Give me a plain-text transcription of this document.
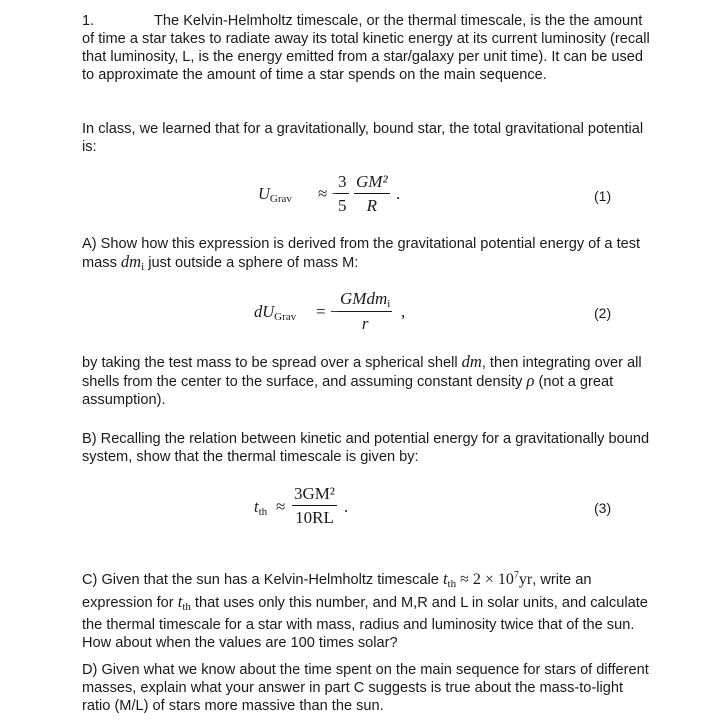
1.	The Kelvin-Helmholtz timescale, or the thermal timescale, is the the amount of time a star takes to radiate away its total kinetic energy at its current luminosity (recall that luminosity, L, is the energy emitted from a star/galaxy per unit time). It can be used to approximate the amount of time a star spends on the main sequence.

In class, we learned that for a gravitationally, bound star, the total gravitational potential is:

$U_{Grav}$ ≈ −
$\frac{3}{5} \frac{\text{GM²}}{R}$ .	(1)

A) Show how this expression is derived from the gravitational potential energy of a test mass $dm_i$ just outside a sphere of mass M:

$dU_{Grav}$ = −
GMdm$_i$
r
,	(2)

by taking the test mass to be spread over a spherical shell dm, then integrating over all shells from the center to the surface, and assuming constant density ρ (not a great assumption).

B) Recalling the relation between kinetic and potential energy for a gravitationally bound system, show that the thermal timescale is given by:

$t_{th} \approx \frac{\text{3GM²}}{10RL}$ .	(3)

C) Given that the sun has a Kelvin-Helmholtz timescale $t_{th} \approx 2 \times 10^7yr$, write an expression for $t_{th}$ that uses only this number, and M,R and L in solar units, and calculate the thermal timescale for a star with mass, radius and luminosity twice that of the sun. How about when the values are 100 times solar?

D) Given what we know about the time spent on the main sequence for stars of different masses, explain what your answer in part C suggests is true about the mass-to-light ratio (M/L) of stars more massive than the sun.
